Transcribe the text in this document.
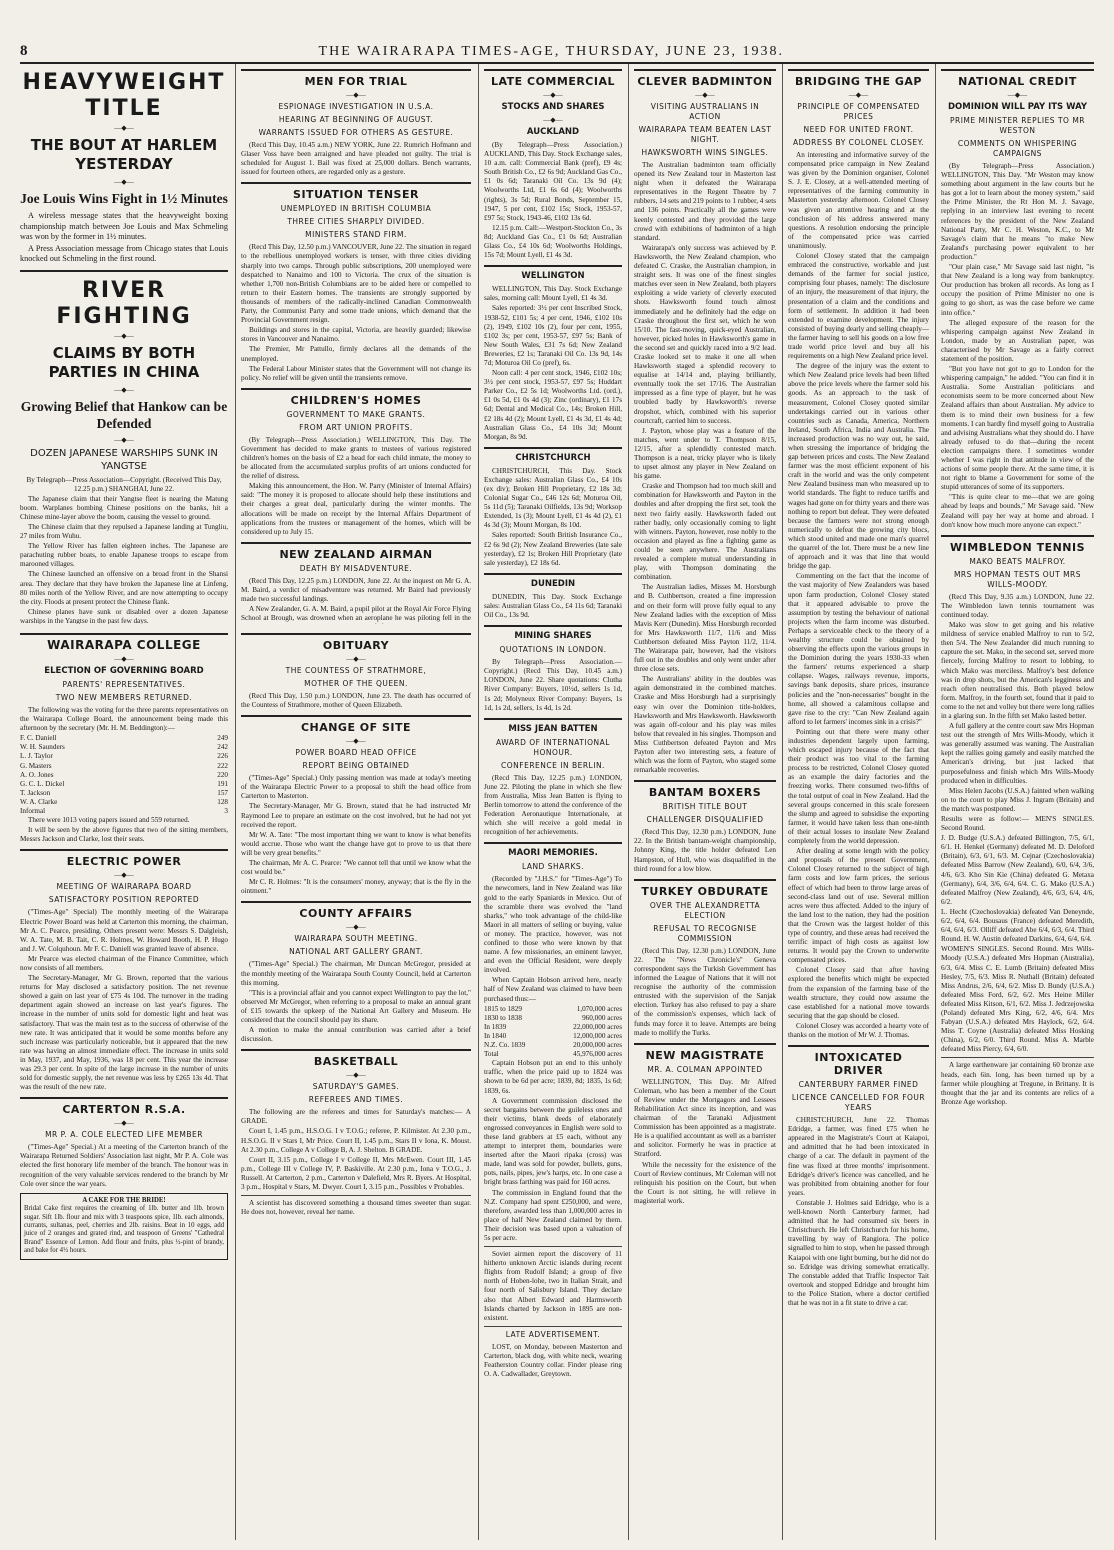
8	THE WAIRARAPA TIMES-AGE, THURSDAY, JUNE 23, 1938.
HEAVYWEIGHT TITLE
—◆—
THE BOUT AT HARLEM YESTERDAY
—◆—
Joe Louis Wins Fight in 1½ Minutes

A wireless message states that the heavyweight boxing championship match between Joe Louis and Max Schmeling was won by the former in 1½ minutes.

A Press Association message from Chicago states that Louis knocked out Schmeling in the first round.

RIVER FIGHTING
—◆—
CLAIMS BY BOTH PARTIES IN CHINA
—◆—
Growing Belief that Hankow can be Defended
—◆—
DOZEN JAPANESE WARSHIPS SUNK IN YANGTSE

By Telegraph—Press Association—Copyright. (Received This Day, 12.25 p.m.) SHANGHAI, June 22.

The Japanese claim that their Yangtse fleet is nearing the Matung boom. Warplanes bombing Chinese positions on the banks, hit a Chinese mine-layer above the boom, causing the vessel to ground.

The Chinese claim that they repulsed a Japanese landing at Tungliu, 27 miles from Wuhu.

The Yellow River has fallen eighteen inches. The Japanese are parachuting rubber boats, to enable Japanese troops to escape from marooned villages.

The Chinese launched an offensive on a broad front in the Shansi area. They declare that they have broken the Japanese line at Linfeng, 80 miles north of the Yellow River, and are now attempting to occupy the city. Floods at present protect the Chinese flank.

Chinese planes have sunk or disabled over a dozen Japanese warships in the Yangtse in the past few days.

WAIRARAPA COLLEGE
—◆—
ELECTION OF GOVERNING BOARD
PARENTS' REPRESENTATIVES.
TWO NEW MEMBERS RETURNED.

The following was the voting for the three parents representatives on the Wairarapa College Board, the announcement being made this afternoon by the secretary (Mr. H. M. Beddington):—

F. C. Daniell	249
W. H. Saunders	242
L. J. Taylor	226
G. Masters	222
A. O. Jones	220
G. C. L. Dickel	191
T. Jackson	157
W. A. Clarke	128
Informal	3

There were 1013 voting papers issued and 559 returned.

It will be seen by the above figures that two of the sitting members, Messrs Jackson and Clarke, lost their seats.

ELECTRIC POWER
—◆—
MEETING OF WAIRARAPA BOARD
SATISFACTORY POSITION REPORTED

("Times-Age" Special) The monthly meeting of the Wairarapa Electric Power Board was held at Carterton this morning, the chairman, Mr A. C. Pearce, presiding. Others present were: Messrs S. Dalgleish, W. A. Tate, M. B. Tait, C. R. Holmes, W. Howard Booth, H. P. Hugo and J. W. Colquhoun. Mr F. C. Daniell was granted leave of absence.

Mr Pearce was elected chairman of the Finance Committee, which now consists of all members.

The Secretary-Manager, Mr G. Brown, reported that the various returns for May disclosed a satisfactory position. The net revenue showed a gain on last year of £75 4s 10d. The turnover in the trading department again showed an increase on last year's figures. The increase in the number of units sold for domestic light and heat was satisfactory. That was the main test as to the success of otherwise of the new rate. It was anticipated that it would be some months before any such increase was particularly noticeable, but it appeared that the new rate was having an almost immediate effect. The increase in units sold in May, 1937, and May, 1936, was 18 per cent. This year the increase was 29.3 per cent. In spite of the large increase in the number of units sold for domestic supply, the net revenue was less by £265 13s 4d. That was the result of the new rate.

CARTERTON R.S.A.
—◆—
MR P. A. COLE ELECTED LIFE MEMBER

("Times-Age" Special.) At a meeting of the Carterton branch of the Wairarapa Returned Soldiers' Association last night, Mr P. A. Cole was elected the first honorary life member of the branch. The honour was in recognition of the very valuable services rendered to the branch by Mr Cole over since the war years.

A CAKE FOR THE BRIDE!
Bridal Cake first requires the creaming of 1lb. butter and 1lb. brown sugar. Sift 1lb. flour and mix with 3 teaspoons spice, 1lb. each almonds, currants, sultanas, peel, cherries and 2lb. raisins. Beat in 10 eggs, add juice of 2 oranges and grated rind, and teaspoon of Greens' "Cathedral Brand" Essence of Lemon. Add flour and fruits, plus ½-pint of brandy, and bake for 4½ hours.
OBITUARY
—◆—
THE COUNTESS OF STRATHMORE,
MOTHER OF THE QUEEN.

(Recd This Day, 1.50 p.m.) LONDON, June 23. The death has occurred of the Countess of Strathmore, mother of Queen Elizabeth.

CHANGE OF SITE
—◆—
POWER BOARD HEAD OFFICE
REPORT BEING OBTAINED

("Times-Age" Special.) Only passing mention was made at today's meeting of the Wairarapa Electric Power to a proposal to shift the head office from Carterton to Masterton.

The Secretary-Manager, Mr G. Brown, stated that he had instructed Mr Raymond Lee to prepare an estimate on the cost involved, but he had not yet received the report.

Mr W. A. Tate: "The most important thing we want to know is what benefits would accrue. Those who want the change have got to prove to us that there will be very great benefits."

The chairman, Mr A. C. Pearce: "We cannot tell that until we know what the cost would be."

Mr C. R. Holmes: "It is the consumers' money, anyway; that is the fly in the ointment."

COUNTY AFFAIRS
—◆—
WAIRARAPA SOUTH MEETING.
NATIONAL ART GALLERY GRANT.

("Times-Age" Special.) The chairman, Mr Duncan McGregor, presided at the monthly meeting of the Wairarapa South County Council, held at Carterton this morning.

"This is a provincial affair and you cannot expect Wellington to pay the lot," observed Mr McGregor, when referring to a proposal to make an annual grant of £15 towards the upkeep of the National Art Gallery and Museum. He considered that the council should pay its share.

A motion to make the annual contribution was carried after a brief discussion.

BASKETBALL
—◆—
SATURDAY'S GAMES.
REFEREES AND TIMES.

The following are the referees and times for Saturday's matches:— A GRADE.

Court I, 1.45 p.m., H.S.O.G. I v T.O.G.; referee, P. Kilmister. At 2.30 p.m., H.S.O.G. II v Stars I, Mr Price. Court II, 1.45 p.m., Stars II v Iona, K. Moust. At 2.30 p.m., College A v College B, A. J. Shelton. B GRADE.

Court II, 3.15 p.m., College I v College II, Mrs McEwen. Court III, 1.45 p.m., College III v College IV, P. Baskiville. At 2.30 p.m., Iona v T.O.G., J. Russell. At Carterton, 2 p.m., Carterton v Dalefield, Mrs R. Byers. At Hospital, 3 p.m., Hospital v Stars, M. Dwyer. Court I, 3.15 p.m., Possibles v Probables.

A scientist has discovered something a thousand times sweeter than sugar. He does not, however, reveal her name.

LATE COMMERCIAL
—◆—
STOCKS AND SHARES
—◆—
AUCKLAND

(By Telegraph—Press Association.) AUCKLAND, This Day. Stock Exchange sales, 10 a.m. call: Commercial Bank (pref), £9 4s; South British Co., £2 6s 9d; Auckland Gas Co., £1 0s 6d; Taranaki Oil Co. 13s 9d (4); Woolworths Ltd, £1 6s 6d (4); Woolworths (rights), 3s 5d; Rural Bonds, September 15, 1947, 5 per cent, £102 15s; Stock, 1953-57, £97 5s; Stock, 1943-46, £102 13s 6d.

12.15 p.m. Call:—Westport-Stockton Co., 3s 8d; Auckland Gas Co., £1 0s 6d; Australian Glass Co., £4 10s 6d; Woolworths Holdings, 15s 7d; Mount Lyell, £1 4s 3d.

WELLINGTON

WELLINGTON, This Day. Stock Exchange sales, morning call: Mount Lyell, £1 4s 3d.

Sales reported: 3½ per cent Inscribed Stock, 1938-52, £101 5s; 4 per cent, 1946, £102 10s (2), 1949, £102 10s (2), four per cent, 1955, £102 3s; per cent, 1953-57, £97 5s; Bank of New South Wales, £31 7s 6d; New Zealand Breweries, £2 1s; Taranaki Oil Co. 13s 9d, 14s 7d; Moturoa Oil Co (pref), 6s.

Noon call: 4 per cent stock, 1946, £102 10s; 3½ per cent stock, 1953-57, £97 5s; Huddart Parker Co., £2 5s 1d; Woolworths Ltd. (ord.), £1 0s 5d, £1 0s 4d (3); Zinc (ordinary), £1 17s 6d; Dental and Medical Co., 14s; Broken Hill, £2 18s 4d (2); Mount Lyell, £1 4s 3d, £1 4s 4d; Australian Glass Co., £4 10s 3d; Mount Morgan, 8s 9d.

CHRISTCHURCH

CHRISTCHURCH, This Day. Stock Exchange sales: Australian Glass Co., £4 10s (ex div); Broken Hill Proprietary, £2 18s 3d; Colonial Sugar Co., £46 12s 6d; Moturoa Oil, 5s 11d (5); Taranaki Oilfields, 13s 9d; Worksop Extended, 1s (3); Mount Lyell, £1 4s 4d (2), £1 4s 3d (3); Mount Morgan, 8s 10d.

Sales reported: South British Insurance Co., £2 6s 9d (2); New Zealand Breweries (late sale yesterday), £2 1s; Broken Hill Proprietary (late sale yesterday), £2 18s 6d.

DUNEDIN

DUNEDIN, This Day. Stock Exchange sales: Australian Glass Co., £4 11s 6d; Taranaki Oil Co., 13s 9d.

MINING SHARES
QUOTATIONS IN LONDON.

By Telegraph—Press Association.—Copyright.) (Recd This Day, 10.45 a.m.) LONDON, June 22. Share quotations: Clutha River Company: Buyers, 10½d, sellers 1s 1d, 1s 2d; Molyneux River Company: Buyers, 1s 1d, 1s 2d, sellers, 1s 4d, 1s 2d.

MISS JEAN BATTEN
AWARD OF INTERNATIONAL HONOUR.
CONFERENCE IN BERLIN.

(Recd This Day, 12.25 p.m.) LONDON, June 22. Piloting the plane in which she flew from Australia, Miss Jean Batten is flying to Berlin tomorrow to attend the conference of the Federation Aeronautique Internationale, at which she will receive a gold medal in recognition of her achievements.

MAORI MEMORIES.
LAND SHARKS.

(Recorded by "J.H.S." for "Times-Age") To the newcomers, land in New Zealand was like gold to the early Spaniards in Mexico. Out of the scramble there was evolved the "land sharks," who took advantage of the child-like Maori in all matters of selling or buying, value or money. The practice, however, was not confined to those who were known by that name. A few missionaries, an eminent lawyer, and even the Official Resident, were deeply involved.

When Captain Hobson arrived here, nearly half of New Zealand was claimed to have been purchased thus:—

1815 to 1829	1,070,000 acres
1830 to 1838	960,000 acres
In 1839	22,000,000 acres
In 1840	12,000,000 acres
N.Z. Co. 1839	20,000,000 acres
Total	45,976,000 acres

Captain Hobson put an end to this unholy traffic, when the price paid up to 1824 was shown to be 6d per acre; 1839, 8d; 1835, 1s 6d; 1839, 6s.

A Government commission disclosed the secret bargains between the guileless ones and their victims, blank deeds of elaborately engrossed conveyances in English were sold to these land grabbers at £5 each, without any attempt to interpret them, boundaries were inserted after the Maori ripaka (cross) was made, land was sold for powder, bullets, guns, pots, nails, pipes, jew's harps, etc. In one case a bright brass farthing was paid for 160 acres.

The commission in England found that the N.Z. Company had spent £250,000, and were, therefore, awarded less than 1,000,000 acres in place of half New Zealand claimed by them. Their decision was based upon a valuation of 5s per acre.

Soviet airmen report the discovery of 11 hitherto unknown Arctic islands during recent flights from Rudolf Island; a group of five north of Hoben-lohe, two in Italian Strait, and four north of Salisbury Island. They declare also that Albert Edward and Harmsworth Islands charted by Jackson in 1895 are non-existent.

LATE ADVERTISEMENT.

LOST, on Monday, between Masterton and Carterton, black dog, with white neck, wearing Featherston Country collar. Finder please ring O. A. Cadwallader, Greytown.

CLEVER BADMINTON
—◆—
VISITING AUSTRALIANS IN ACTION
WAIRARAPA TEAM BEATEN LAST NIGHT.
HAWKSWORTH WINS SINGLES.

The Australian badminton team officially opened its New Zealand tour in Masterton last night when it defeated the Wairarapa representatives in the Regent Theatre by 7 rubbers, 14 sets and 219 points to 1 rubber, 4 sets and 136 points. Practically all the games were keenly contested and they provided the large crowd with exhibitions of badminton of a high standard.

Wairarapa's only success was achieved by P. Hawksworth, the New Zealand champion, who defeated C. Craske, the Australian champion, in straight sets. It was one of the finest singles matches ever seen in New Zealand, both players exploiting a wide variety of cleverly executed shots. Hawksworth found touch almost immediately and he definitely had the edge on Craske throughout the first set, which he won 15/10. The fast-moving, quick-eyed Australian, however, picked holes in Hawksworth's game in the second set and quickly raced into a 9/2 lead. Craske looked set to make it one all when Hawksworth staged a splendid recovery to equalise at 14/14 and, playing brilliantly, eventually took the set 17/16. The Australian impressed as a fine type of player, but he was troubled badly by Hawksworth's reverse dropshot, which, combined with his superior courtcraft, carried him to success.

J. Payton, whose play was a feature of the matches, went under to T. Thompson 8/15, 12/15, after a splendidly contested match. Thompson is a neat, tricky player who is likely to upset almost any player in New Zealand on his game.

Craske and Thompson had too much skill and combination for Hawksworth and Payton in the doubles and after dropping the first set, took the next two fairly easily. Hawksworth faded out rather badly, only occasionally coming to light with winners. Payton, however, rose nobly to the occasion and played as fine a fighting game as could be seen anywhere. The Australians revealed a complete mutual understanding in play, with Thompson dominating the combination.

The Australian ladies, Misses M. Horsburgh and B. Cuthbertson, created a fine impression and on their form will prove fully equal to any New Zealand ladies with the exception of Miss Mavis Kerr (Dunedin). Miss Horsburgh recorded for Mrs Hawksworth 11/7, 11/6 and Miss Cuthbertson defeated Miss Payton 11/2, 11/4. The Wairarapa pair, however, had the visitors full out in the doubles and only went under after three close sets.

The Australians' ability in the doubles was again demonstrated in the combined matches. Craske and Miss Horsburgh had a surprisingly easy win over the Dominion title-holders, Hawksworth and Mrs Hawksworth. Hawksworth was again off-colour and his play was miles below that revealed in his singles. Thompson and Miss Cuthbertson defeated Payton and Mrs Payton after two interesting sets, a feature of which was the form of Payton, who staged some remarkable recoveries.

BANTAM BOXERS
BRITISH TITLE BOUT
CHALLENGER DISQUALIFIED

(Recd This Day, 12.30 p.m.) LONDON, June 22. In the British bantam-weight championship, Johnny King, the title holder defeated Len Hampston, of Hull, who was disqualified in the third round for a low blow.

TURKEY OBDURATE
OVER THE ALEXANDRETTA ELECTION
REFUSAL TO RECOGNISE COMMISSION

(Recd This Day, 12.30 p.m.) LONDON, June 22. The "News Chronicle's" Geneva correspondent says the Turkish Government has informed the League of Nations that it will not recognise the authority of the commission entrusted with the supervision of the Sanjak election. Turkey has also refused to pay a share of the commission's expenses, which lack of funds may force it to leave. Attempts are being made to mollify the Turks.

NEW MAGISTRATE
MR. A. COLMAN APPOINTED

WELLINGTON, This Day. Mr Alfred Coleman, who has been a member of the Court of Review under the Mortgagors and Lessees Rehabilitation Act since its inception, and was chairman of the Taranaki Adjustment Commission has been appointed as a magistrate. He is a qualified accountant as well as a barrister and solicitor. Formerly he was in practice at Stratford.

While the necessity for the existence of the Court of Review continues, Mr Coleman will not relinquish his position on the Court, but when the Court is not sitting, he will relieve in magisterial work.

BRIDGING THE GAP
—◆—
PRINCIPLE OF COMPENSATED PRICES
NEED FOR UNITED FRONT.
ADDRESS BY COLONEL CLOSEY.

An interesting and informative survey of the compensated price campaign in New Zealand was given by the Dominion organiser, Colonel S. J. E. Closey, at a well-attended meeting of representatives of the farming community in Masterton yesterday afternoon. Colonel Closey was given an attentive hearing and at the conclusion of his address answered many questions. A resolution endorsing the principle of the compensated price was carried unanimously.

Colonel Closey stated that the campaign embraced the constructive, workable and just demands of the farmer for social justice, comprising four phases, namely: The disclosure of an injury, the measurement of that injury, the presentation of a claim and the conditions and form of settlement. In addition it had been extended to examine development. The injury consisted of buying dearly and selling cheaply—the farmer having to sell his goods on a low free trade world price level and buy all his requirements on a high New Zealand price level.

The degree of the injury was the extent to which New Zealand price levels had been lifted above the price levels where the farmer sold his goods. As an approach to the task of measurement, Colonel Closey quoted similar undertakings carried out in various other countries such as Canada, America, Northern Ireland, South Africa, India and Australia. The increased production was no way out, he said, when stressing the importance of bridging the gap between prices and costs. The New Zealand farmer was the most efficient exponent of his craft in the world and was the only competent New Zealand business man who measured up to world standards. The fight to reduce tariffs and wages had gone on for thirty years and there was nothing to report but defeat. They were defeated because the farmers were not strong enough numerically to defeat the growing city blocs, which stood united and made one man's quarrel the quarrel of the lot. There must be a new line of approach and it was that line that would bridge the gap.

Commenting on the fact that the income of the vast majority of New Zealanders was based upon farm production, Colonel Closey stated that it appeared advisable to prove the assumption by testing the behaviour of national projects when the farm income was disturbed. Perhaps a serviceable check to the theory of a wealthy structure could be obtained by observing the effects upon the various groups in the Dominion during the years 1930-33 when the farmers' returns experienced a sharp collapse. Wages, railways revenue, imports, savings bank deposits, share prices, insurance policies and the "non-necessaries" bought in the home, all showed a calamitous collapse and gave rise to the cry: "Can New Zealand again afford to let farmers' incomes sink in a crisis?"

Pointing out that there were many other industries dependent largely upon farming, which escaped injury because of the fact that their product was too vital to the farming process to be restricted, Colonel Closey quoted as an example the dairy factories and the freezing works. There consumed two-fifths of the total output of coal in New Zealand. Had the several groups concerned in this scale foreseen the slump and agreed to subsidise the exporting farmer, it would have taken less than one-ninth of their actual losses to insulate New Zealand completely from the world depression.

After dealing at some length with the policy and proposals of the present Government, Colonel Closey returned to the subject of high farm costs and low farm prices, the serious effect of which had been to throw large areas of second-class land out of use. Several million acres were thus affected. Added to the injury of the land lost to the nation, they had the position that the Crown was the largest holder of this type of country, and these areas had received the terrific impact of high costs as against low returns. It would pay the Crown to underwrite compensated prices.

Colonel Closey said that after having explored the benefits which might be expected from the expansion of the farming base of the wealth structure, they could now assume the case established for a national move towards securing that the gap should be closed.

Colonel Closey was accorded a hearty vote of thanks on the motion of Mr W. J. Thomas.

INTOXICATED DRIVER
CANTERBURY FARMER FINED
LICENCE CANCELLED FOR FOUR YEARS

CHRISTCHURCH, June 22. Thomas Edridge, a farmer, was fined £75 when he appeared in the Magistrate's Court at Kaiapoi, and admitted that he had been intoxicated in charge of a car. The default in payment of the fine was fixed at three months' imprisonment. Edridge's driver's licence was cancelled, and he was prohibited from obtaining another for four years.

Constable J. Holmes said Edridge, who is a well-known North Canterbury farmer, had admitted that he had consumed six beers in Christchurch. He left Christchurch for his home, travelling by way of Rangiora. The police signalled to him to stop, when he passed through Kaiapoi with one light burning, but he did not do so. Edridge was driving somewhat erratically. The constable added that Traffic Inspector Tait overtook and stopped Edridge and brought him to the Police Station, where a doctor certified that he was not in a fit state to drive a car.

NATIONAL CREDIT
—◆—
DOMINION WILL PAY ITS WAY
PRIME MINISTER REPLIES TO MR WESTON
COMMENTS ON WHISPERING CAMPAIGNS

(By Telegraph—Press Association.) WELLINGTON, This Day. "Mr Weston may know something about argument in the law courts but he has got a lot to learn about the money system," said the Prime Minister, the Rt Hon M. J. Savage, replying in an interview last evening to recent references by the president of the New Zealand National Party, Mr C. H. Weston, K.C., to Mr Savage's claim that he means "to make New Zealand's purchasing power equivalent to her production."

"Our plain case," Mr Savage said last night, "is that New Zealand is a long way from bankruptcy. Our production has broken all records. As long as I occupy the position of Prime Minister no one is going to go short, as was the case before we came into office."

The alleged exposure of the reason for the whispering campaign against New Zealand in London, made by an Australian paper, was characterised by Mr Savage as a fairly correct statement of the position.

"But you have not got to go to London for the whispering campaign," he added. "You can find it in Australia. Some Australian politicians and economists seem to be more concerned about New Zealand affairs than about Australian. My advice to them is to mind their own business for a few moments. I can hardly find myself going to Australia and advising Australians what they should do. I have already refused to do that—during the recent election campaigns there. I sometimes wonder whether I was right in that attitude in view of the actions of some people there. At the same time, it is not right to blame a Government for some of the stupid utterances of some of its supporters.

"This is quite clear to me—that we are going ahead by leaps and bounds," Mr Savage said. "New Zealand will pay her way at home and abroad. I don't know how much more anyone can expect."

WIMBLEDON TENNIS
MAKO BEATS MALFROY.
MRS HOPMAN TESTS OUT MRS WILLS-MOODY.

(Recd This Day, 9.35 a.m.) LONDON, June 22. The Wimbledon lawn tennis tournament was continued today.

Mako was slow to get going and his relative mildness of service enabled Malfroy to run to 5/2, then 5/4. The New Zealander did much running to capture the set. Mako, in the second set, served more fiercely, forcing Malfroy to resort to lobbing, to which Mako was merciless. Malfroy's best defence was in drop shots, but the American's legginess and reach often neutralised this. Both played below form. Malfroy, in the fourth set, found that it paid to come to the net and volley but there were long rallies in a glaring sun. In the fifth set Mako lasted better.

A full gallery at the centre court saw Mrs Hopman test out the strength of Mrs Wills-Moody, which it was generally assumed was waning. The Australian kept the rallies going gamely and easily matched the American's driving, but just lacked that purposefulness and finish which Mrs Wills-Moody produced when in difficulties.

Miss Helen Jacobs (U.S.A.) fainted when walking on to the court to play Miss J. Ingram (Britain) and the match was postponed.

Results were as follow:— MEN'S SINGLES. Second Round.

J. D. Budge (U.S.A.) defeated Billington, 7/5, 6/1, 6/1. H. Henkel (Germany) defeated M. D. Deloford (Britain), 6/3, 6/1, 6/3. M. Cejnar (Czechoslovakia) defeated Miss Barrow (New Zealand), 6/0, 6/4, 3/6, 4/6, 6/3. Kho Sin Kie (China) defeated G. Metaxa (Germany), 6/4, 3/6, 6/4, 6/4. C. G. Mako (U.S.A.) defeated Malfroy (New Zealand), 4/6, 6/3, 6/4, 4/6, 6/2.

L. Hecht (Czechoslovakia) defeated Van Deneynde, 6/2, 6/4, 6/4. Bousaus (France) defeated Meredith, 6/4, 6/4, 6/3. Olliff defeated Abe 6/4, 6/3, 6/4. Third Round. H. W. Austin defeated Darkins, 6/4, 6/4, 6/4.

WOMEN'S SINGLES. Second Round. Mrs Wills-Moody (U.S.A.) defeated Mrs Hopman (Australia), 6/3, 6/4. Miss C. E. Lumb (Britain) defeated Miss Hesley, 7/5, 6/3. Miss R. Nuthall (Britain) defeated Miss Andrus, 2/6, 6/4, 6/2. Miss D. Bundy (U.S.A.) defeated Miss Ford, 6/2, 6/2. Mrs Heine Miller defeated Miss Kitson, 6/1, 6/2. Miss J. Jedrzejowska (Poland) defeated Mrs King, 6/2, 4/6, 6/4. Mrs Fabyan (U.S.A.) defeated Mrs Haylock, 6/2, 6/4. Miss T. Coyne (Australia) defeated Miss Hosking (China), 6/2, 6/0. Third Round. Miss A. Marble defeated Miss Piercy, 6/4, 6/0.

A large earthenware jar containing 60 bronze axe heads, each 6in. long, has been turned up by a farmer while ploughing at Tregune, in Brittany. It is thought that the jar and its contents are relics of a Bronze Age workshop.

MEN FOR TRIAL
—◆—
ESPIONAGE INVESTIGATION IN U.S.A.
HEARING AT BEGINNING OF AUGUST.
WARRANTS ISSUED FOR OTHERS AS GESTURE.

(Recd This Day, 10.45 a.m.) NEW YORK, June 22. Rumrich Hofmann and Glaser Voss have been arraigned and have pleaded not guilty. The trial is scheduled for August 1. Bail was fixed at 25,000 dollars. Bench warrants, issued for fourteen others, are regarded only as a gesture.

SITUATION TENSER
UNEMPLOYED IN BRITISH COLUMBIA
THREE CITIES SHARPLY DIVIDED.
MINISTERS STAND FIRM.

(Recd This Day, 12.50 p.m.) VANCOUVER, June 22. The situation in regard to the rebellious unemployed workers is tenser, with three cities dividing sharply into two camps. Through public subscriptions, 200 unemployed were despatched to Nanaimo and 100 to Victoria. The crux of the situation is whether 1,700 non-British Columbians are to be aided here or compelled to return to their Eastern homes. The transients are strongly supported by thousands of members of the radically-inclined Canadian Commonwealth Party, the Communist Party and some trade unions, which demand that the Provincial Government resign.

Buildings and stores in the capital, Victoria, are heavily guarded; likewise stores in Vancouver and Nanaimo.

The Premier, Mr Pattullo, firmly declares all the demands of the unemployed.

The Federal Labour Minister states that the Government will not change its policy. No relief will be given until the transients remove.

CHILDREN'S HOMES
GOVERNMENT TO MAKE GRANTS.
FROM ART UNION PROFITS.

(By Telegraph—Press Association.) WELLINGTON, This Day. The Government has decided to make grants to trustees of various registered children's homes on the basis of £2 a head for each child inmate, the money to be allocated from the accumulated surplus profits of art unions conducted for the relief of distress.

Making this announcement, the Hon. W. Parry (Minister of Internal Affairs) said: "The money it is proposed to allocate should help these institutions and their charges a great deal, particularly during the winter months. The allocations will be made on receipt by the Internal Affairs Department of applications from the trustees or management of the homes, which will be considered up to July 15.

NEW ZEALAND AIRMAN
DEATH BY MISADVENTURE.

(Recd This Day, 12.25 p.m.) LONDON, June 22. At the inquest on Mr G. A. M. Baird, a verdict of misadventure was returned. Mr Baird had previously made two successful landings.

A New Zealander, G. A. M. Baird, a pupil pilot at the Royal Air Force Flying School at Brough, was drowned when an aeroplane he was piloting fell in the
